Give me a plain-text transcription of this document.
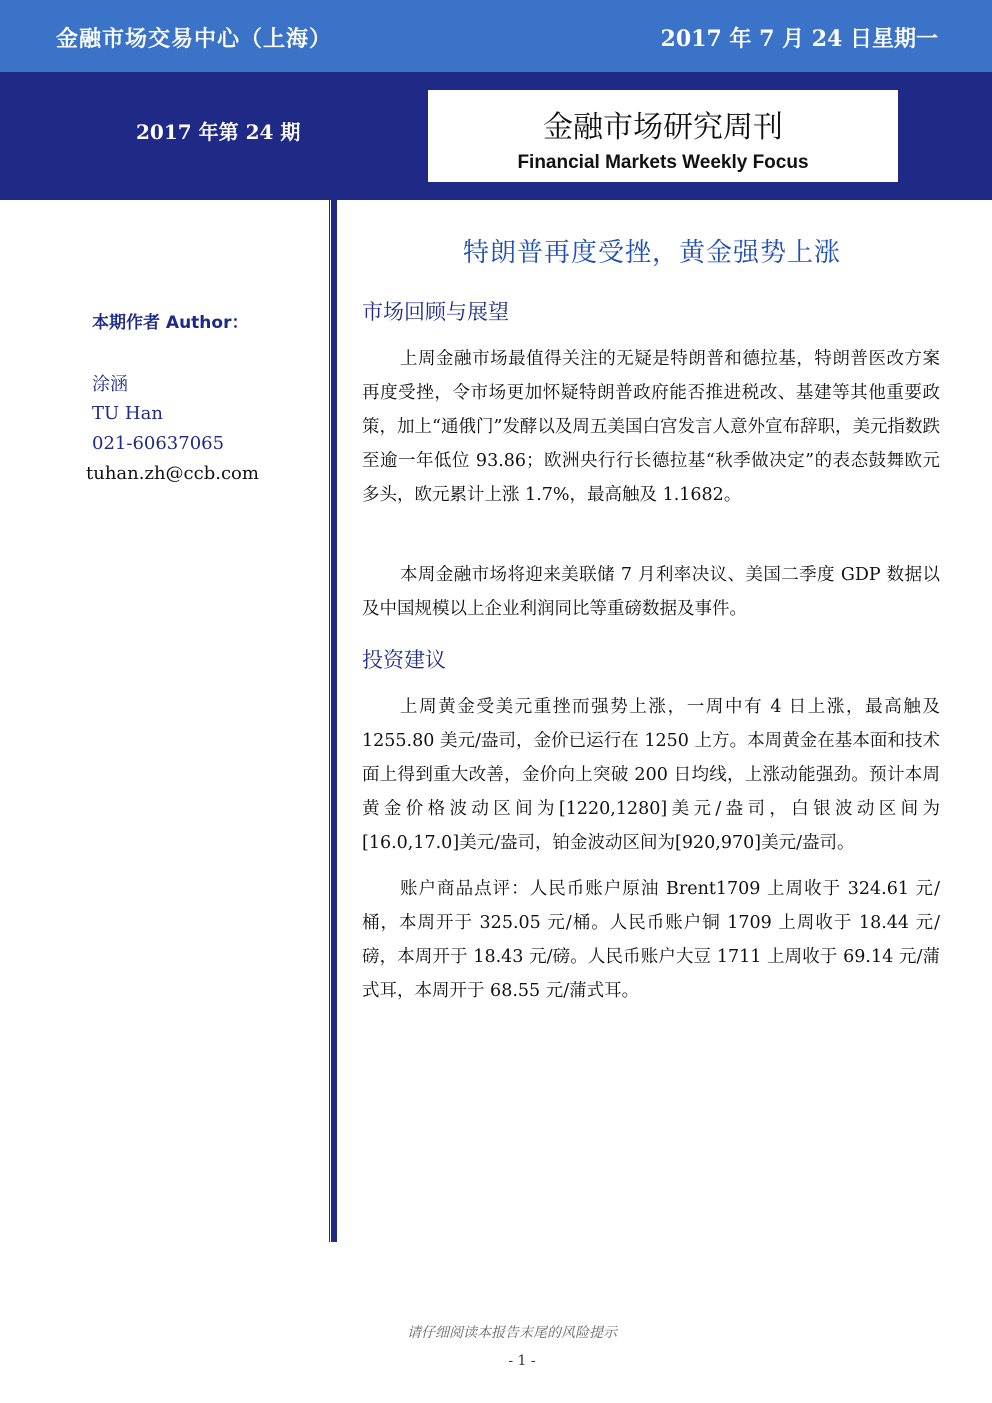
金融市场交易中心（上海）	2017 年 7 月 24 日星期一
2017 年第 24 期	金融市场研究周刊
Financial Markets Weekly Focus
本期作者 Author：
涂涵
TU Han
021-60637065
tuhan.zh@ccb.com
特朗普再度受挫，黄金强势上涨
市场回顾与展望

上周金融市场最值得关注的无疑是特朗普和德拉基，特朗普医改方案再度受挫，令市场更加怀疑特朗普政府能否推进税改、基建等其他重要政策，加上“通俄门”发酵以及周五美国白宫发言人意外宣布辞职，美元指数跌至逾一年低位 93.86；欧洲央行行长德拉基“秋季做决定”的表态鼓舞欧元多头，欧元累计上涨 1.7%，最高触及 1.1682。

本周金融市场将迎来美联储 7 月利率决议、美国二季度 GDP 数据以及中国规模以上企业利润同比等重磅数据及事件。

投资建议

上周黄金受美元重挫而强势上涨，一周中有 4 日上涨，最高触及 1255.80 美元/盎司，金价已运行在 1250 上方。本周黄金在基本面和技术面上得到重大改善，金价向上突破 200 日均线，上涨动能强劲。预计本周黄金价格波动区间为[1220,1280]美元/盎司，白银波动区间为[16.0,17.0]美元/盎司，铂金波动区间为[920,970]美元/盎司。

账户商品点评：人民币账户原油 Brent1709 上周收于 324.61 元/桶，本周开于 325.05 元/桶。人民币账户铜 1709 上周收于 18.44 元/磅，本周开于 18.43 元/磅。人民币账户大豆 1711 上周收于 69.14 元/蒲式耳，本周开于 68.55 元/蒲式耳。

请仔细阅读本报告末尾的风险提示
- 1 -
